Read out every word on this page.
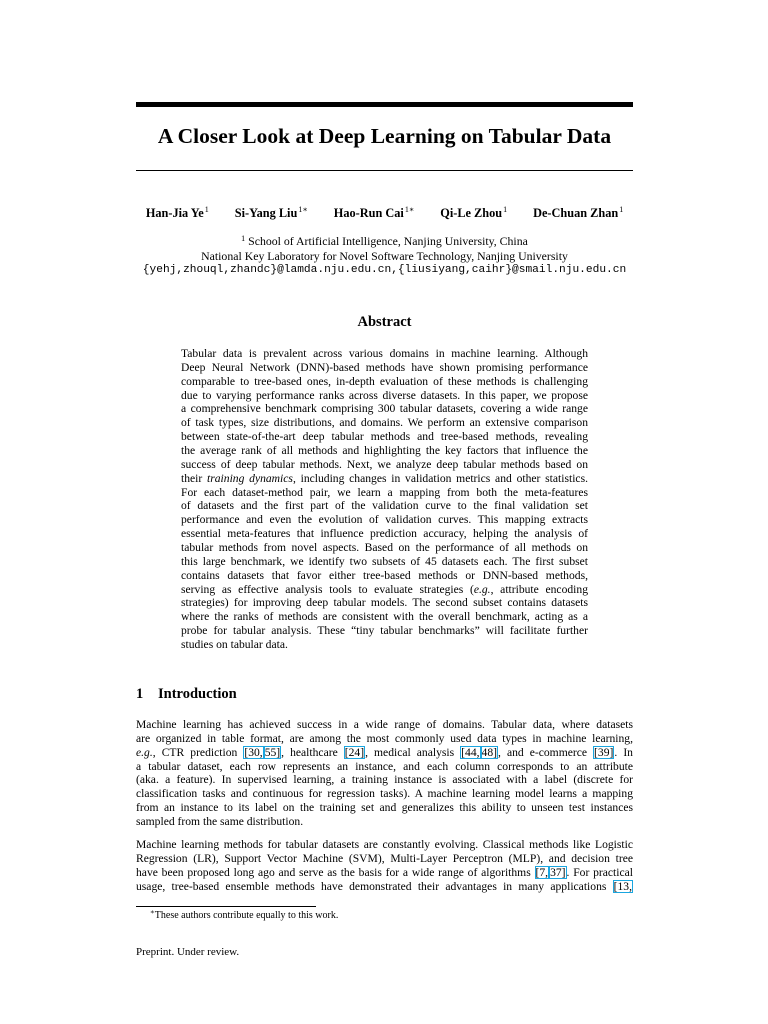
A Closer Look at Deep Learning on Tabular Data
Han-Jia Ye$^1$ Si-Yang Liu$^{1∗}$ Hao-Run Cai$^{1∗}$ Qi-Le Zhou$^1$ De-Chuan Zhan$^1$
$^1$ School of Artificial Intelligence, Nanjing University, China
National Key Laboratory for Novel Software Technology, Nanjing University
{yehj,zhouql,zhandc}@lamda.nju.edu.cn,{liusiyang,caihr}@smail.nju.edu.cn
Abstract
Tabular data is prevalent across various domains in machine learning. Although
Deep Neural Network (DNN)-based methods have shown promising performance
comparable to tree-based ones, in-depth evaluation of these methods is challenging
due to varying performance ranks across diverse datasets. In this paper, we propose
a comprehensive benchmark comprising 300 tabular datasets, covering a wide range
of task types, size distributions, and domains. We perform an extensive comparison
between state-of-the-art deep tabular methods and tree-based methods, revealing
the average rank of all methods and highlighting the key factors that influence the
success of deep tabular methods. Next, we analyze deep tabular methods based on
their training dynamics, including changes in validation metrics and other statistics.
For each dataset-method pair, we learn a mapping from both the meta-features
of datasets and the first part of the validation curve to the final validation set
performance and even the evolution of validation curves. This mapping extracts
essential meta-features that influence prediction accuracy, helping the analysis of
tabular methods from novel aspects. Based on the performance of all methods on
this large benchmark, we identify two subsets of 45 datasets each. The first subset
contains datasets that favor either tree-based methods or DNN-based methods,
serving as effective analysis tools to evaluate strategies (e.g., attribute encoding
strategies) for improving deep tabular models. The second subset contains datasets
where the ranks of methods are consistent with the overall benchmark, acting as a
probe for tabular analysis. These “tiny tabular benchmarks” will facilitate further
studies on tabular data.
1 Introduction
Machine learning has achieved success in a wide range of domains. Tabular data, where datasets
are organized in table format, are among the most commonly used data types in machine learning,
e.g., CTR prediction [30, 55], healthcare [24], medical analysis [44, 48], and e-commerce [39]. In
a tabular dataset, each row represents an instance, and each column corresponds to an attribute
(aka. a feature). In supervised learning, a training instance is associated with a label (discrete for
classification tasks and continuous for regression tasks). A machine learning model learns a mapping
from an instance to its label on the training set and generalizes this ability to unseen test instances
sampled from the same distribution.
Machine learning methods for tabular datasets are constantly evolving. Classical methods like Logistic
Regression (LR), Support Vector Machine (SVM), Multi-Layer Perceptron (MLP), and decision tree
have been proposed long ago and serve as the basis for a wide range of algorithms [7, 37]. For practical
usage, tree-based ensemble methods have demonstrated their advantages in many applications [13,
∗These authors contribute equally to this work.
Preprint. Under review.
